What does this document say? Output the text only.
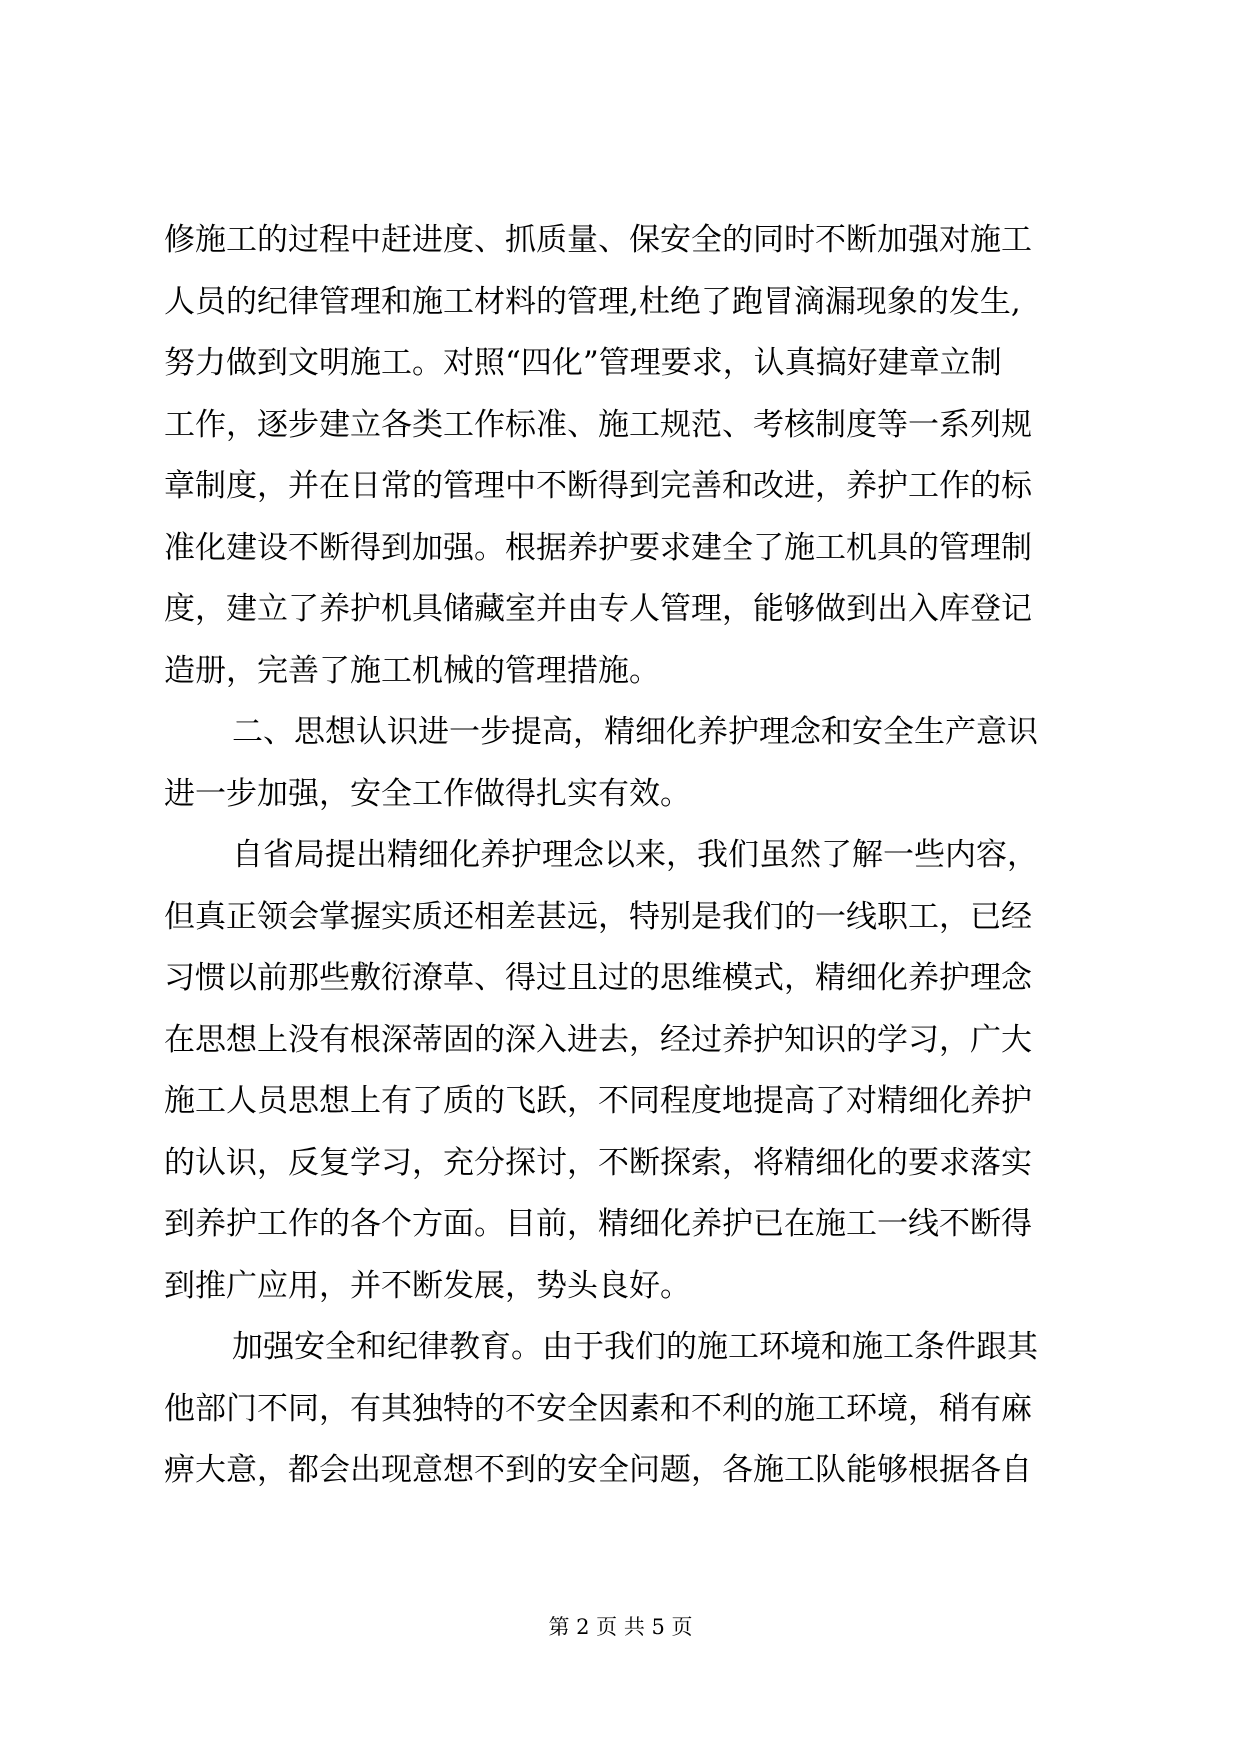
修施工的过程中赶进度、抓质量、保安全的同时不断加强对施工
人员的纪律管理和施工材料的管理,杜绝了跑冒滴漏现象的发生,
努力做到文明施工。对照“四化”管理要求，认真搞好建章立制
工作，逐步建立各类工作标准、施工规范、考核制度等一系列规
章制度，并在日常的管理中不断得到完善和改进，养护工作的标
准化建设不断得到加强。根据养护要求建全了施工机具的管理制
度，建立了养护机具储藏室并由专人管理，能够做到出入库登记
造册，完善了施工机械的管理措施。
二、思想认识进一步提高，精细化养护理念和安全生产意识
进一步加强，安全工作做得扎实有效。
自省局提出精细化养护理念以来，我们虽然了解一些内容，
但真正领会掌握实质还相差甚远，特别是我们的一线职工，已经
习惯以前那些敷衍潦草、得过且过的思维模式，精细化养护理念
在思想上没有根深蒂固的深入进去，经过养护知识的学习，广大
施工人员思想上有了质的飞跃，不同程度地提高了对精细化养护
的认识，反复学习，充分探讨，不断探索，将精细化的要求落实
到养护工作的各个方面。目前，精细化养护已在施工一线不断得
到推广应用，并不断发展，势头良好。
加强安全和纪律教育。由于我们的施工环境和施工条件跟其
他部门不同，有其独特的不安全因素和不利的施工环境，稍有麻
痹大意，都会出现意想不到的安全问题，各施工队能够根据各自
第 2 页 共 5 页
